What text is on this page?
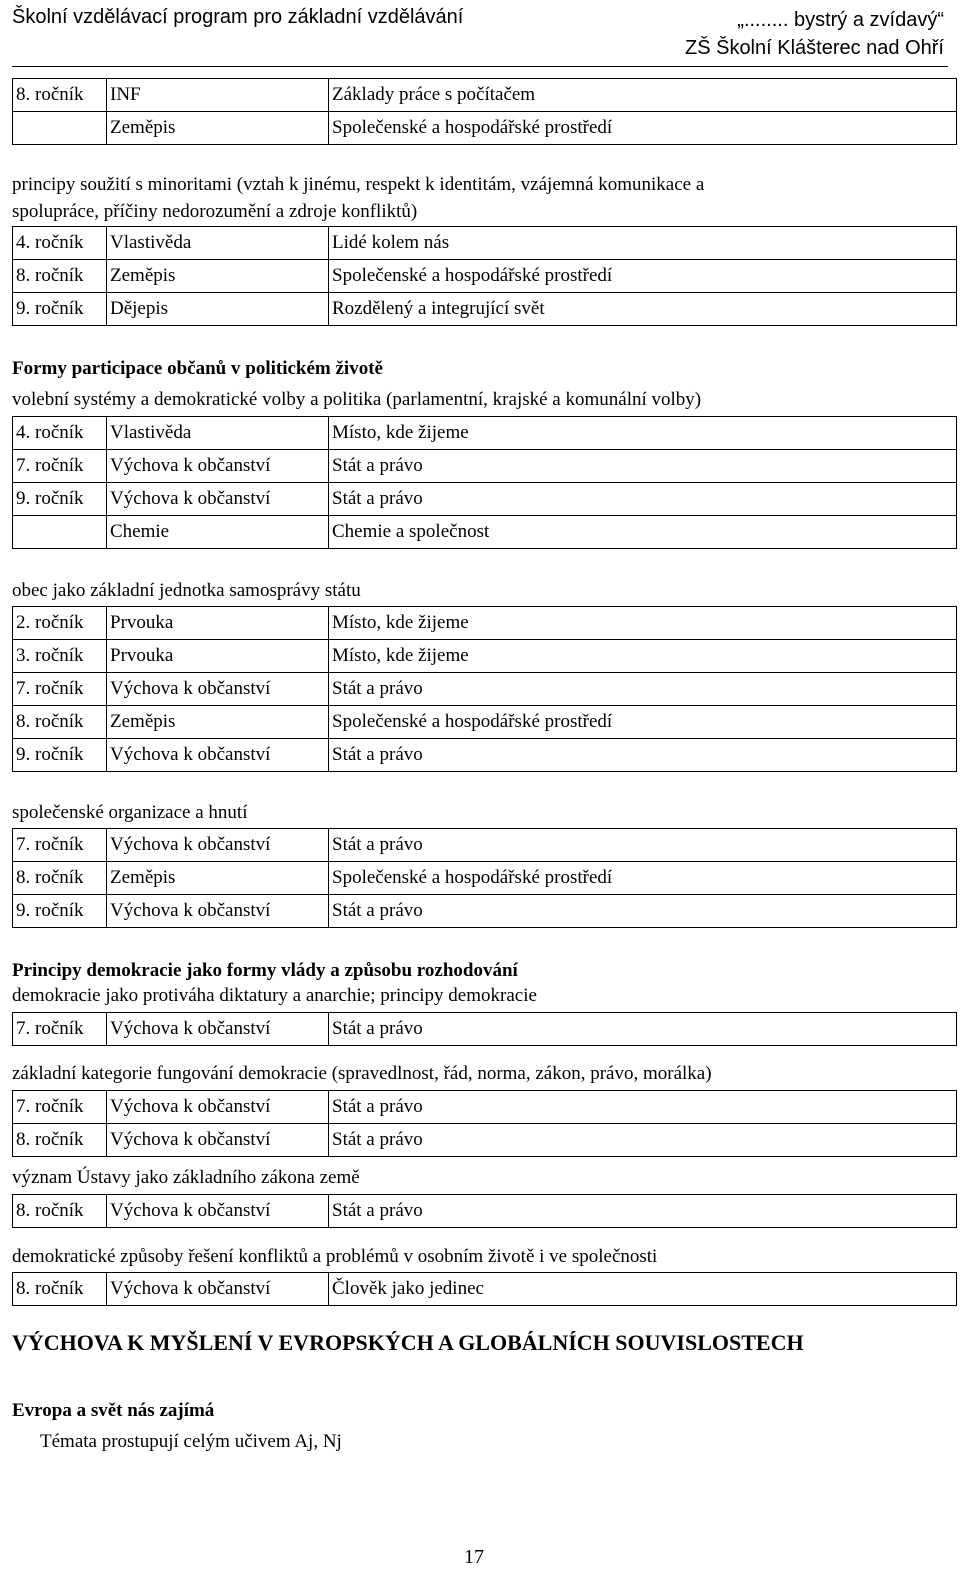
Školní vzdělávací program pro základní vzdělávání	„........ bystrý a zvídavý“
ZŠ Školní Klášterec nad Ohří
8. ročník	INF	Základy práce s počítačem
	Zeměpis	Společenské a hospodářské prostředí
principy soužití s minoritami (vztah k jinému, respekt k identitám, vzájemná komunikace a
spolupráce, příčiny nedorozumění a zdroje konfliktů)
4. ročník	Vlastivěda	Lidé kolem nás
8. ročník	Zeměpis	Společenské a hospodářské prostředí
9. ročník	Dějepis	Rozdělený a integrující svět
Formy participace občanů v politickém životě
volební systémy a demokratické volby a politika (parlamentní, krajské a komunální volby)
4. ročník	Vlastivěda	Místo, kde žijeme
7. ročník	Výchova k občanství	Stát a právo
9. ročník	Výchova k občanství	Stát a právo
	Chemie	Chemie a společnost
obec jako základní jednotka samosprávy státu
2. ročník	Prvouka	Místo, kde žijeme
3. ročník	Prvouka	Místo, kde žijeme
7. ročník	Výchova k občanství	Stát a právo
8. ročník	Zeměpis	Společenské a hospodářské prostředí
9. ročník	Výchova k občanství	Stát a právo
společenské organizace a hnutí
7. ročník	Výchova k občanství	Stát a právo
8. ročník	Zeměpis	Společenské a hospodářské prostředí
9. ročník	Výchova k občanství	Stát a právo
Principy demokracie jako formy vlády a způsobu rozhodování
demokracie jako protiváha diktatury a anarchie; principy demokracie
7. ročník	Výchova k občanství	Stát a právo
základní kategorie fungování demokracie (spravedlnost, řád, norma, zákon, právo, morálka)
7. ročník	Výchova k občanství	Stát a právo
8. ročník	Výchova k občanství	Stát a právo
význam Ústavy jako základního zákona země
8. ročník	Výchova k občanství	Stát a právo
demokratické způsoby řešení konfliktů a problémů v osobním životě i ve společnosti
8. ročník	Výchova k občanství	Člověk jako jedinec
VÝCHOVA K MYŠLENÍ V EVROPSKÝCH A GLOBÁLNÍCH SOUVISLOSTECH
Evropa a svět nás zajímá
Témata prostupují celým učivem Aj, Nj
17
